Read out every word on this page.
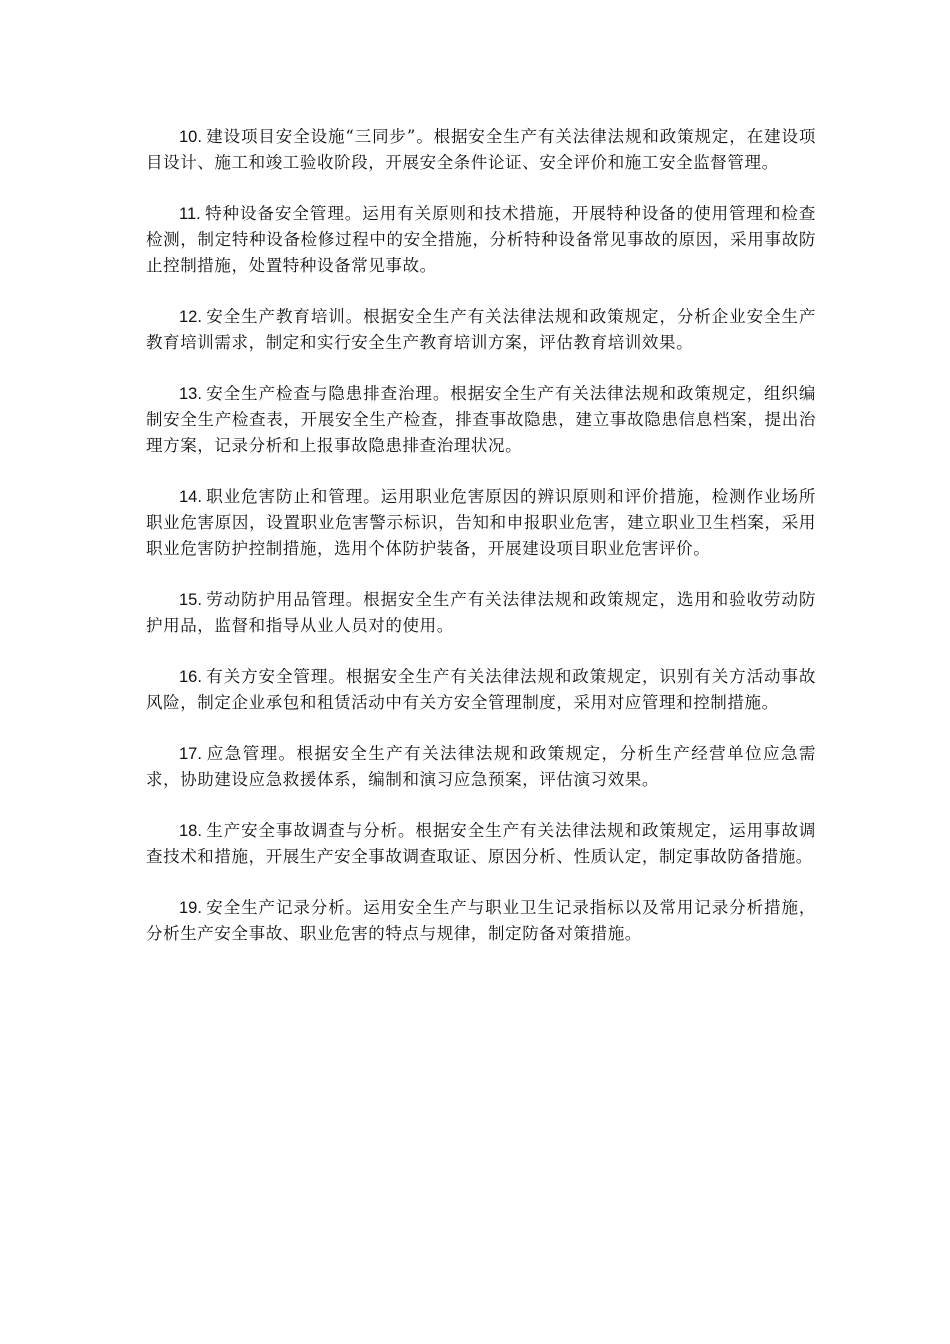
10. 建设项目安全设施“三同步”。根据安全生产有关法律法规和政策规定，在建设项目设计、施工和竣工验收阶段，开展安全条件论证、安全评价和施工安全监督管理。

11. 特种设备安全管理。运用有关原则和技术措施，开展特种设备的使用管理和检查检测，制定特种设备检修过程中的安全措施，分析特种设备常见事故的原因，采用事故防止控制措施，处置特种设备常见事故。

12. 安全生产教育培训。根据安全生产有关法律法规和政策规定，分析企业安全生产教育培训需求，制定和实行安全生产教育培训方案，评估教育培训效果。

13. 安全生产检查与隐患排查治理。根据安全生产有关法律法规和政策规定，组织编制安全生产检查表，开展安全生产检查，排查事故隐患，建立事故隐患信息档案，提出治理方案，记录分析和上报事故隐患排查治理状况。

14. 职业危害防止和管理。运用职业危害原因的辨识原则和评价措施，检测作业场所职业危害原因，设置职业危害警示标识，告知和申报职业危害，建立职业卫生档案，采用职业危害防护控制措施，选用个体防护装备，开展建设项目职业危害评价。

15. 劳动防护用品管理。根据安全生产有关法律法规和政策规定，选用和验收劳动防护用品，监督和指导从业人员对的使用。

16. 有关方安全管理。根据安全生产有关法律法规和政策规定，识别有关方活动事故风险，制定企业承包和租赁活动中有关方安全管理制度，采用对应管理和控制措施。

17. 应急管理。根据安全生产有关法律法规和政策规定，分析生产经营单位应急需求，协助建设应急救援体系，编制和演习应急预案，评估演习效果。

18. 生产安全事故调查与分析。根据安全生产有关法律法规和政策规定，运用事故调查技术和措施，开展生产安全事故调查取证、原因分析、性质认定，制定事故防备措施。

19. 安全生产记录分析。运用安全生产与职业卫生记录指标以及常用记录分析措施，分析生产安全事故、职业危害的特点与规律，制定防备对策措施。
